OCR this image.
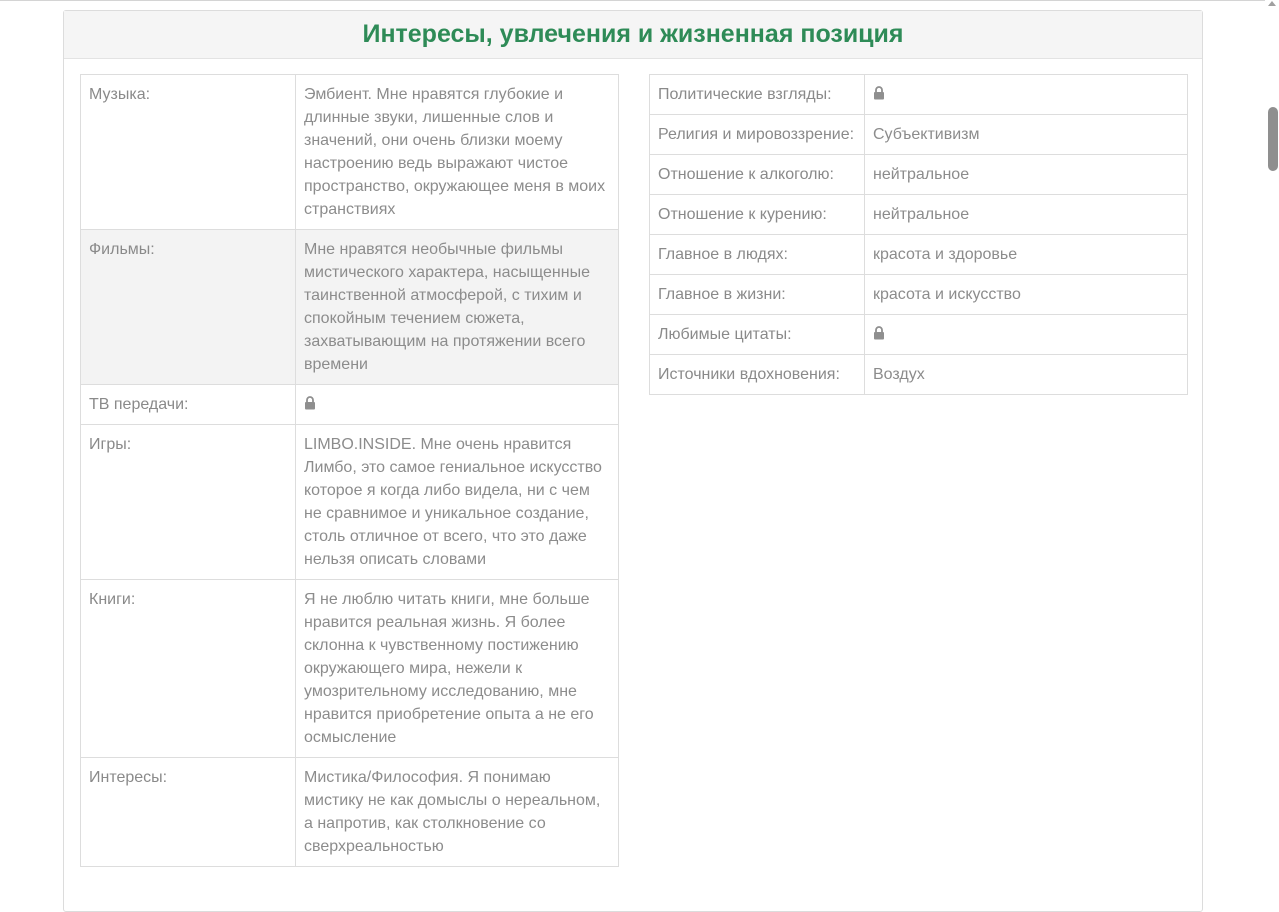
Интересы, увлечения и жизненная позиция
Музыка:	Эмбиент. Мне нравятся глубокие и длинные звуки, лишенные слов и значений, они очень близки моему настроению ведь выражают чистое пространство, окружающее меня в моих странствиях
Фильмы:	Мне нравятся необычные фильмы мистического характера, насыщенные таинственной атмосферой, с тихим и спокойным течением сюжета, захватывающим на протяжении всего времени
ТВ передачи:	
Игры:	LIMBO.INSIDE. Мне очень нравится Лимбо, это самое гениальное искусство которое я когда либо видела, ни с чем не сравнимое и уникальное создание, столь отличное от всего, что это даже нельзя описать словами
Книги:	Я не люблю читать книги, мне больше нравится реальная жизнь. Я более склонна к чувственному постижению окружающего мира, нежели к умозрительному исследованию, мне нравится приобретение опыта а не его осмысление
Интересы:	Мистика/Философия. Я понимаю мистику не как домыслы о нереальном, а напротив, как столкновение со сверхреальностью
Политические взгляды:	
Религия и мировоззрение:	Субъективизм
Отношение к алкоголю:	нейтральное
Отношение к курению:	нейтральное
Главное в людях:	красота и здоровье
Главное в жизни:	красота и искусство
Любимые цитаты:	
Источники вдохновения:	Воздух
